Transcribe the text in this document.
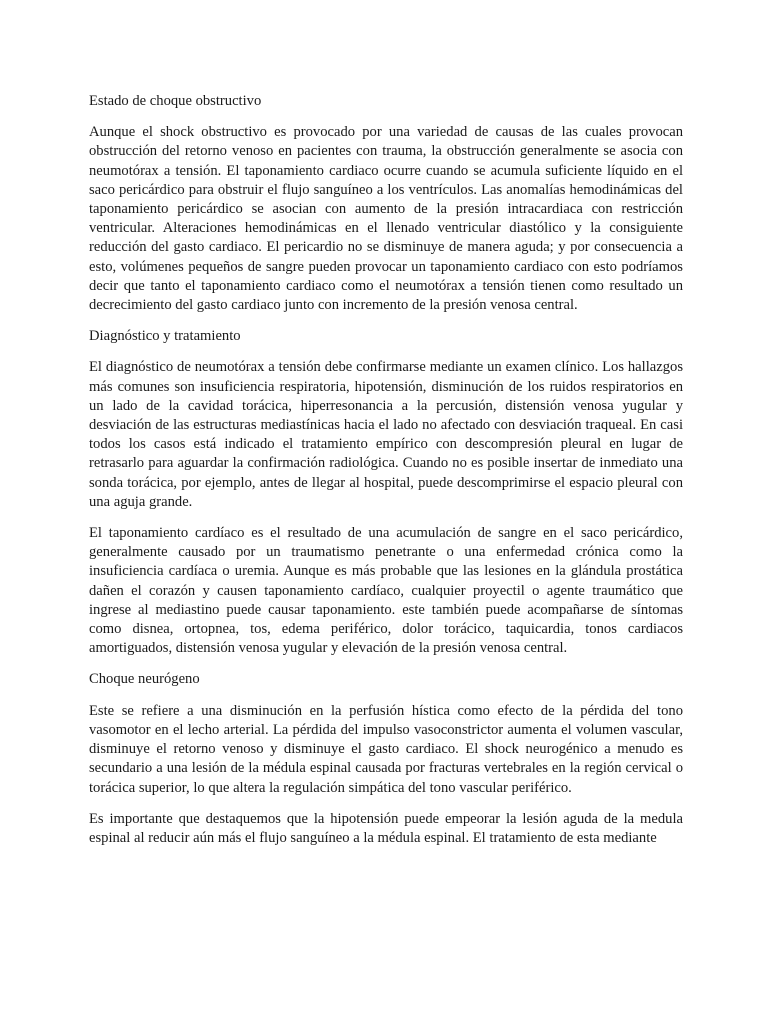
Estado de choque obstructivo
Aunque el shock obstructivo es provocado por una variedad de causas de las cuales provocan obstrucción del retorno venoso en pacientes con trauma, la obstrucción generalmente se asocia con neumotórax a tensión. El taponamiento cardiaco ocurre cuando se acumula suficiente líquido en el saco pericárdico para obstruir el flujo sanguíneo a los ventrículos. Las anomalías hemodinámicas del taponamiento pericárdico se asocian con aumento de la presión intracardiaca con restricción ventricular. Alteraciones hemodinámicas en el llenado ventricular diastólico y la consiguiente reducción del gasto cardiaco. El pericardio no se disminuye de manera aguda; y por consecuencia a esto, volúmenes pequeños de sangre pueden provocar un taponamiento cardiaco con esto podríamos decir que tanto el taponamiento cardiaco como el neumotórax a tensión tienen como resultado un decrecimiento del gasto cardiaco junto con incremento de la presión venosa central.
Diagnóstico y tratamiento
El diagnóstico de neumotórax a tensión debe confirmarse mediante un examen clínico. Los hallazgos más comunes son insuficiencia respiratoria, hipotensión, disminución de los ruidos respiratorios en un lado de la cavidad torácica, hiperresonancia a la percusión, distensión venosa yugular y desviación de las estructuras mediastínicas hacia el lado no afectado con desviación traqueal. En casi todos los casos está indicado el tratamiento empírico con descompresión pleural en lugar de retrasarlo para aguardar la confirmación radiológica. Cuando no es posible insertar de inmediato una sonda torácica, por ejemplo, antes de llegar al hospital, puede descomprimirse el espacio pleural con una aguja grande.
El taponamiento cardíaco es el resultado de una acumulación de sangre en el saco pericárdico, generalmente causado por un traumatismo penetrante o una enfermedad crónica como la insuficiencia cardíaca o uremia. Aunque es más probable que las lesiones en la glándula prostática dañen el corazón y causen taponamiento cardíaco, cualquier proyectil o agente traumático que ingrese al mediastino puede causar taponamiento. este también puede acompañarse de síntomas como disnea, ortopnea, tos, edema periférico, dolor torácico, taquicardia, tonos cardiacos amortiguados, distensión venosa yugular y elevación de la presión venosa central.
Choque neurógeno
Este se refiere a una disminución en la perfusión hística como efecto de la pérdida del tono vasomotor en el lecho arterial. La pérdida del impulso vasoconstrictor aumenta el volumen vascular, disminuye el retorno venoso y disminuye el gasto cardiaco. El shock neurogénico a menudo es secundario a una lesión de la médula espinal causada por fracturas vertebrales en la región cervical o torácica superior, lo que altera la regulación simpática del tono vascular periférico.
Es importante que destaquemos que la hipotensión puede empeorar la lesión aguda de la medula espinal al reducir aún más el flujo sanguíneo a la médula espinal. El tratamiento de esta mediante
